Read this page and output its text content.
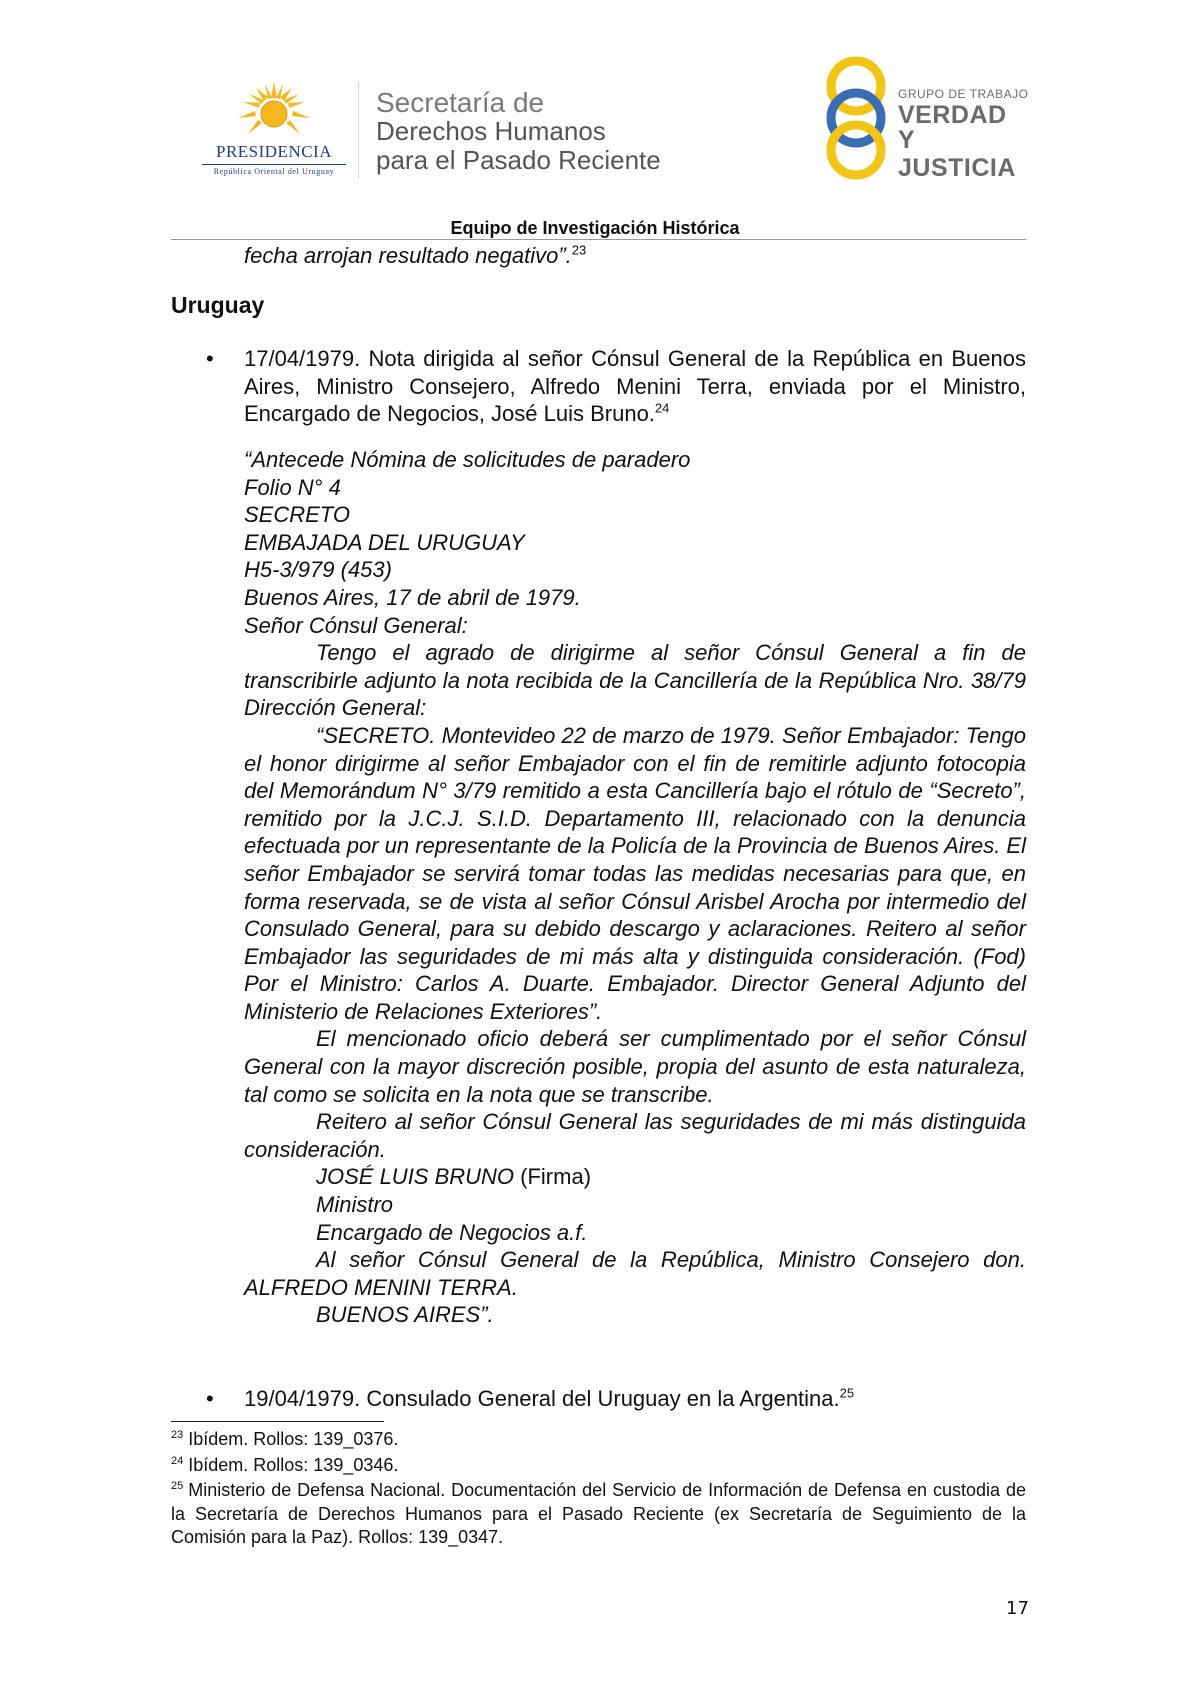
PRESIDENCIA
República Oriental del Uruguay
Secretaría de
Derechos Humanos
para el Pasado Reciente
GRUPO DE TRABAJO
VERDAD Y
JUSTICIA
Equipo de Investigación Histórica
fecha arrojan resultado negativo”.$^{23}$
Uruguay
• 17/04/1979. Nota dirigida al señor Cónsul General de la República en Buenos Aires, Ministro Consejero, Alfredo Menini Terra, enviada por el Ministro, Encargado de Negocios, José Luis Bruno.$^{24}$

“Antecede Nómina de solicitudes de paradero

Folio N° 4

SECRETO

EMBAJADA DEL URUGUAY

H5-3/979 (453)

Buenos Aires, 17 de abril de 1979.

Señor Cónsul General:

Tengo el agrado de dirigirme al señor Cónsul General a fin de transcribirle adjunto la nota recibida de la Cancillería de la República Nro. 38/79 Dirección General:

“SECRETO. Montevideo 22 de marzo de 1979. Señor Embajador: Tengo el honor dirigirme al señor Embajador con el fin de remitirle adjunto fotocopia del Memorándum N° 3/79 remitido a esta Cancillería bajo el rótulo de “Secreto”, remitido por la J.C.J. S.I.D. Departamento III, relacionado con la denuncia efectuada por un representante de la Policía de la Provincia de Buenos Aires. El señor Embajador se servirá tomar todas las medidas necesarias para que, en forma reservada, se de vista al señor Cónsul Arisbel Arocha por intermedio del Consulado General, para su debido descargo y aclaraciones. Reitero al señor Embajador las seguridades de mi más alta y distinguida consideración. (Fod) Por el Ministro: Carlos A. Duarte. Embajador. Director General Adjunto del Ministerio de Relaciones Exteriores”.

El mencionado oficio deberá ser cumplimentado por el señor Cónsul General con la mayor discreción posible, propia del asunto de esta naturaleza, tal como se solicita en la nota que se transcribe.

Reitero al señor Cónsul General las seguridades de mi más distinguida consideración.

JOSÉ LUIS BRUNO (Firma)

Ministro

Encargado de Negocios a.f.

Al señor Cónsul General de la República, Ministro Consejero don. ALFREDO MENINI TERRA.

BUENOS AIRES”.

• 19/04/1979. Consulado General del Uruguay en la Argentina.$^{25}$
$^{23}$ Ibídem. Rollos: 139_0376.
$^{24}$ Ibídem. Rollos: 139_0346.
$^{25}$ Ministerio de Defensa Nacional. Documentación del Servicio de Información de Defensa en custodia de la Secretaría de Derechos Humanos para el Pasado Reciente (ex Secretaría de Seguimiento de la Comisión para la Paz). Rollos: 139_0347.
17
